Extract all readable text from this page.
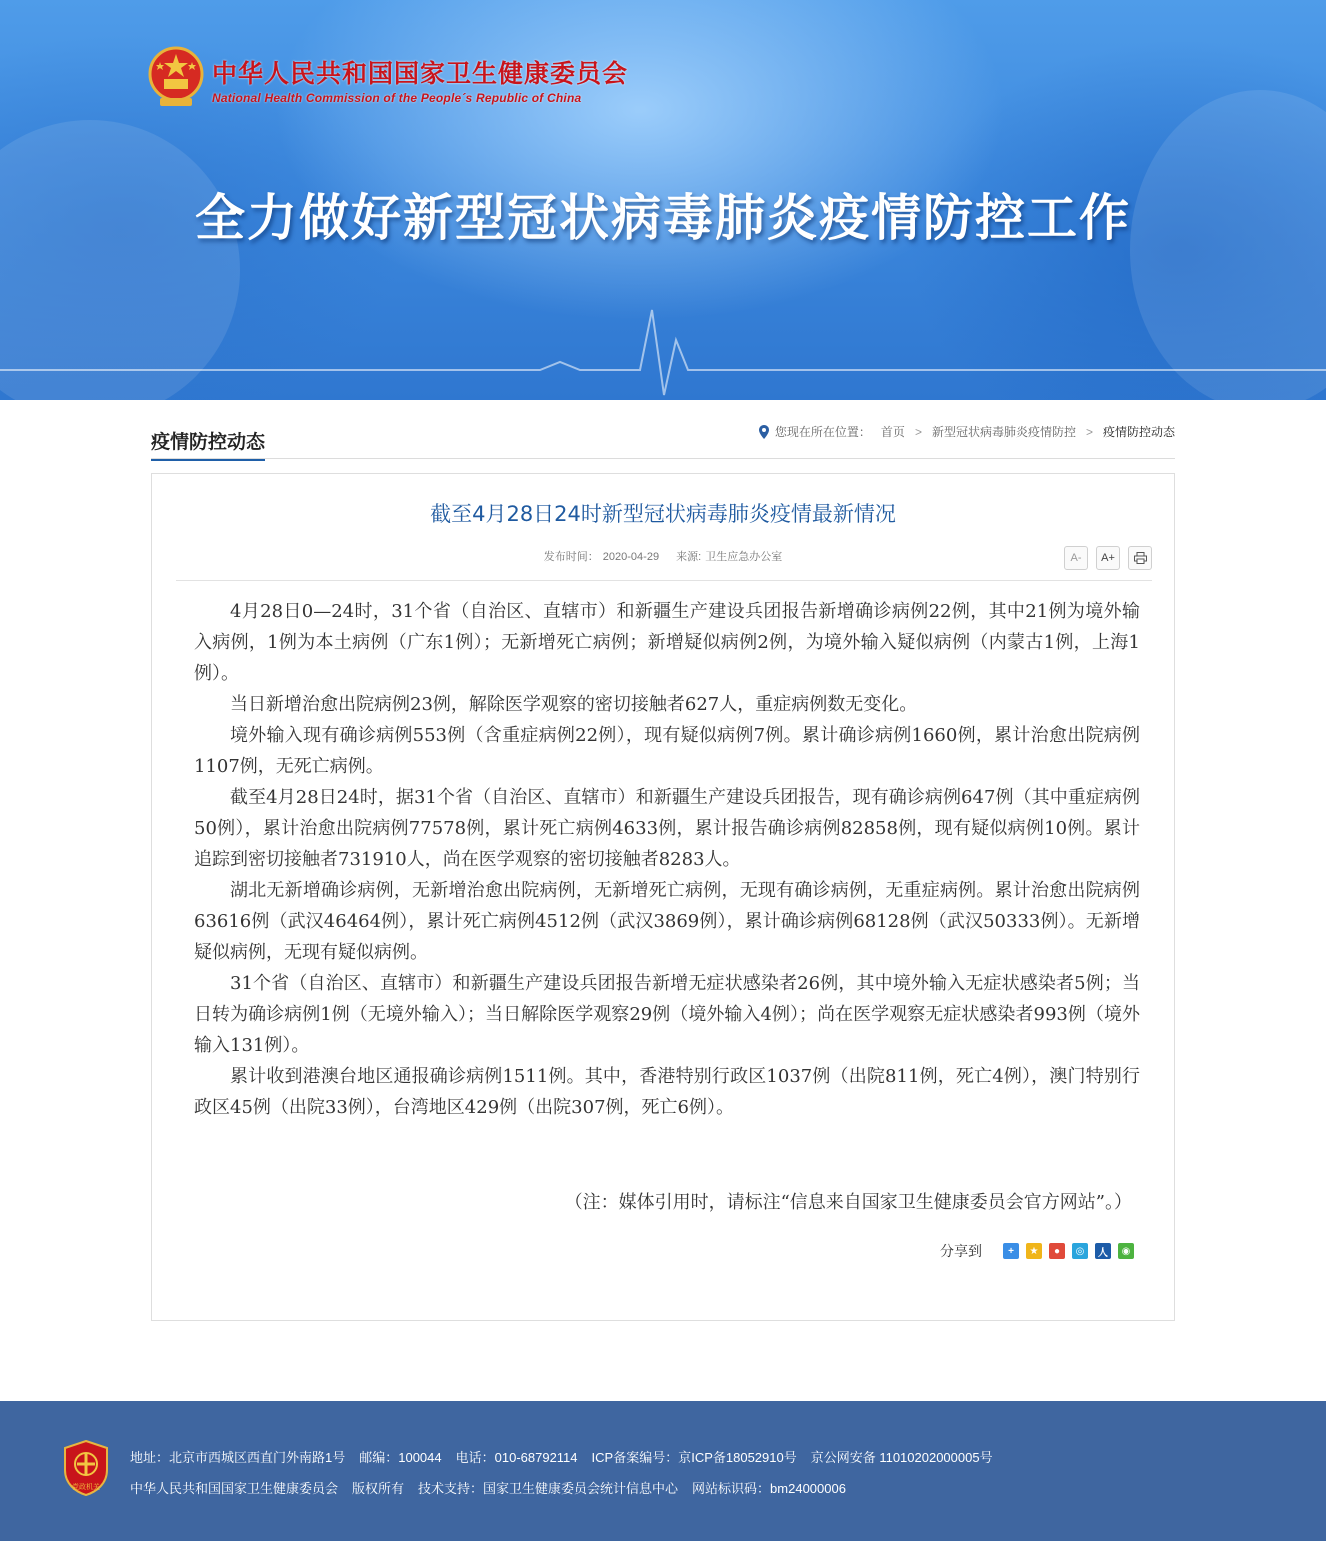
中华人民共和国国家卫生健康委员会
National Health Commission of the People´s Republic of China
全力做好新型冠状病毒肺炎疫情防控工作
疫情防控动态	您现在所在位置： 首页 > 新型冠状病毒肺炎疫情防控 > 疫情防控动态
截至4月28日24时新型冠状病毒肺炎疫情最新情况
发布时间： 2020-04-29 来源: 卫生应急办公室	A- A+

4月28日0—24时，31个省（自治区、直辖市）和新疆生产建设兵团报告新增确诊病例22例，其中21例为境外输入病例，1例为本土病例（广东1例）；无新增死亡病例；新增疑似病例2例，为境外输入疑似病例（内蒙古1例，上海1例）。

当日新增治愈出院病例23例，解除医学观察的密切接触者627人，重症病例数无变化。

境外输入现有确诊病例553例（含重症病例22例），现有疑似病例7例。累计确诊病例1660例，累计治愈出院病例1107例，无死亡病例。

截至4月28日24时，据31个省（自治区、直辖市）和新疆生产建设兵团报告，现有确诊病例647例（其中重症病例50例），累计治愈出院病例77578例，累计死亡病例4633例，累计报告确诊病例82858例，现有疑似病例10例。累计追踪到密切接触者731910人，尚在医学观察的密切接触者8283人。

湖北无新增确诊病例，无新增治愈出院病例，无新增死亡病例，无现有确诊病例，无重症病例。累计治愈出院病例63616例（武汉46464例），累计死亡病例4512例（武汉3869例），累计确诊病例68128例（武汉50333例）。无新增疑似病例，无现有疑似病例。

31个省（自治区、直辖市）和新疆生产建设兵团报告新增无症状感染者26例，其中境外输入无症状感染者5例；当日转为确诊病例1例（无境外输入）；当日解除医学观察29例（境外输入4例）；尚在医学观察无症状感染者993例（境外输入131例）。

累计收到港澳台地区通报确诊病例1511例。其中，香港特别行政区1037例（出院811例，死亡4例），澳门特别行政区45例（出院33例），台湾地区429例（出院307例，死亡6例）。

（注：媒体引用时，请标注“信息来自国家卫生健康委员会官方网站”。）
分享到	+	★	●	◎	人	◉
党政机关
地址：北京市西城区西直门外南路1号 邮编：100044 电话：010-68792114 ICP备案编号：京ICP备18052910号 京公网安备 11010202000005号
中华人民共和国国家卫生健康委员会 版权所有 技术支持：国家卫生健康委员会统计信息中心 网站标识码：bm24000006
